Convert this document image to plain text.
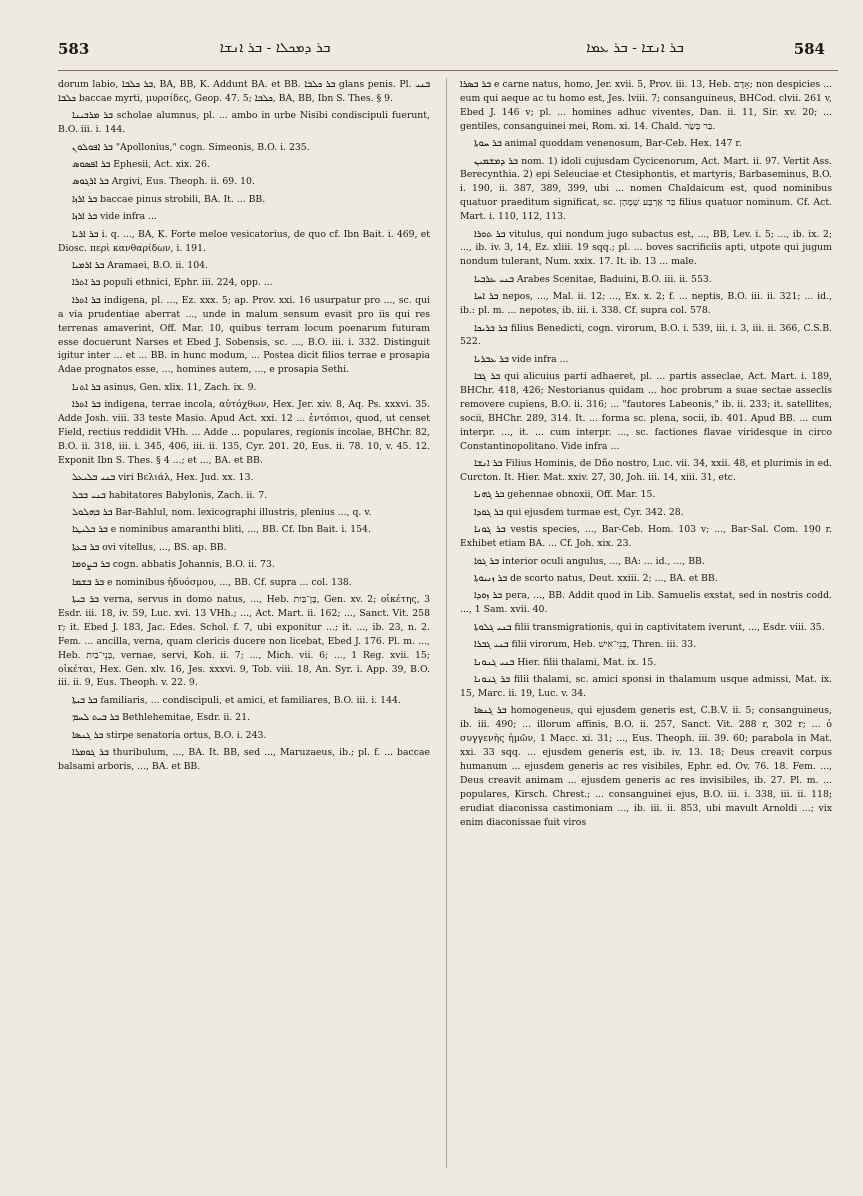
583	ܒܪ ܕܡܟܠܐ - ܒܪ ܐܢܫܐ	ܒܪ ܐܢܫܐ - ܒܪ ܥܡܐ	584

dorum labio, ܒܪ ܟܠܒܐ, BA, BB, K. Addunt BA. et BB. ܒܪ ܟܠܒܐ glans penis. Pl. ܒܢܝ ܟܠܒܐ baccae myrti, μυρσίδες, Geop. 47. 5; ܟܠܒܐ, BA, BB, Ibn S. Thes. § 9.

ܒܪ ܡܪܒܝܢܐ scholae alumnus, pl. ... ambo in urbe Nisibi condiscipuli fuerunt, B.O. iii. i. 144.

ܒܪ ܐܦܘܠܘܢ "Apollonius," cogn. Simeonis, B.O. i. 235.

ܒܪ ܐܦܣܘܣ Ephesii, Act. xix. 26.

ܒܪ ܐܪܓܘܣ Argivi, Eus. Theoph. ii. 69. 10.

ܒܪ ܐܪܙܐ baccae pinus strobili, BA. It. ... BB.

ܒܪ ܐܪܙܐ vide infra ...

ܒܪ ܐܪܝܐ i. q. ..., BA, K. Forte meloe vesicatorius, de quo cf. Ibn Bait. i. 469, et Diosc. περὶ κανθαρίδων, i. 191.

ܒܪ ܐܪܡܝܐ Aramaei, B.O. ii. 104.

ܒܪ ܐܬܪܐ populi ethnici, Ephr. iii. 224, opp. ...

ܒܪ ܐܬܪܐ indigena, pl. ..., Ez. xxx. 5; ap. Prov. xxi. 16 usurpatur pro ..., sc. qui a via prudentiae aberrat ..., unde in malum sensum evasit pro iis qui res terrenas amaverint, Off. Mar. 10, quibus terram locum poenarum futuram esse docuerunt Narses et Ebed J. Sobensis, sc. ..., B.O. iii. i. 332. Distinguit igitur inter ... et ... BB. in hunc modum, ... Postea dicit filios terrae e prosapia Adae prognatos esse, ..., homines autem, ..., e prosapia Sethi.

ܒܪ ܐܬܢܐ asinus, Gen. xlix. 11, Zach. ix. 9.

ܒܪ ܐܬܪܐ indigena, terrae incola, αὐτόχθων, Hex. Jer. xiv. 8, Aq. Ps. xxxvi. 35. Adde Josh. viii. 33 teste Masio. Apud Act. xxi. 12 ... ἐντόπιοι, quod, ut censet Field, rectius reddidit VHh. ... Adde ... populares, regionis incolae, BHChr. 82, B.O. ii. 318, iii. i. 345, 406, iii. ii. 135, Cyr. 201. 20, Eus. ii. 78. 10, v. 45. 12. Exponit Ibn S. Thes. § 4 ...; et ..., BA. et BB.

ܒܢܝ ܒܠܝܥܠ viri Βελιάλ, Hex. Jud. xx. 13.

ܒܢܝ ܒܒܠ habitatores Babylonis, Zach. ii. 7.

ܒܪ ܒܗܠܘܠ Bar-Bahlul, nom. lexicographi illustris, plenius ..., q. v.

ܒܪ ܒܠܝܛܐ e nominibus amaranthi bliti, ..., BB. Cf. Ibn Bait. i. 154.

ܒܪ ܒܥܬܐ ovi vitellus, ..., BS. ap. BB.

ܒܪ ܒܨܘܡܐ cogn. abbatis Johannis, B.O. ii. 73.

ܒܪ ܒܫܡܐ e nominibus ἡδυόσμου, ..., BB. Cf. supra ... col. 138.

ܒܪ ܒܝܬܐ verna, servus in domo natus, ..., Heb. בֶּן־בַּיִת, Gen. xv. 2; οἰκέτης, 3 Esdr. iii. 18, iv. 59, Luc. xvi. 13 VHh.; ..., Act. Mart. ii. 162; ..., Sanct. Vit. 258 r; it. Ebed J. 183, Jac. Edes. Schol. f. 7, ubi exponitur ...; it. ..., ib. 23, n. 2. Fem. ... ancilla, verna, quam clericis ducere non licebat, Ebed J. 176. Pl. m. ..., Heb. בְּנֵי־בַיִת, vernae, servi, Koh. ii. 7; ..., Mich. vii. 6; ..., 1 Reg. xvii. 15; οἰκέται, Hex. Gen. xlv. 16, Jes. xxxvi. 9, Tob. viii. 18, An. Syr. i. App. 39, B.O. iii. ii. 9, Eus. Theoph. v. 22. 9.

ܒܪ ܒܝܬܐ familiaris, ... condiscipuli, et amici, et familiares, B.O. iii. i. 144.

ܒܪ ܒܝܬ ܠܚܡ Bethlehemitae, Esdr. ii. 21.

ܒܪ ܓܢܣܐ stirpe senatoria ortus, B.O. i. 243.

ܒܪ ܓܘܡܪܐ thuribulum, ..., BA. It. BB, sed ..., Maruzaeus, ib.; pl. f. ... baccae balsami arboris, ..., BA. et BB.

ܒܪ ܒܣܪܐ e carne natus, homo, Jer. xvii. 5, Prov. iii. 13, Heb. אָדָם; non despicies ... eum qui aeque ac tu homo est, Jes. lviii. 7; consanguineus, BHCod. clvii. 261 v, Ebed J. 146 v; pl. ... homines adhuc viventes, Dan. ii. 11, Sir. xv. 20; ... gentiles, consanguinei mei, Rom. xi. 14. Chald. בַּר בְּשַׂר.

ܒܪ ܚܘܬܐ animal quoddam venenosum, Bar-Ceb. Hex. 147 r.

ܒܪ ܕܡܫܡܝܢ nom. 1) idoli cujusdam Cycicenorum, Act. Mart. ii. 97. Vertit Ass. Berecynthia. 2) epi Seleuciae et Ctesiphontis, et martyris, Barbaseminus, B.O. i. 190, ii. 387, 389, 399, ubi ... nomen Chaldaicum est, quod nominibus quatuor praeditum significat, sc. בַּר אַרְבַּע שְׁמָהָן filius quatuor nominum. Cf. Act. Mart. i. 110, 112, 113.

ܒܪ ܬܘܪܐ vitulus, qui nondum jugo subactus est, ..., BB, Lev. i. 5; ..., ib. ix. 2; ..., ib. iv. 3, 14, Ez. xliii. 19 sqq.; pl. ... boves sacrificiis apti, utpote qui jugum nondum tulerant, Num. xxix. 17. It. ib. 13 ... male.

ܒܢܝ ܥܪܒܝܐ Arabes Scenitae, Baduini, B.O. iii. ii. 553.

ܒܪ ܐܚܐ nepos, ..., Mal. ii. 12; ..., Ex. x. 2; f. ... neptis, B.O. iii. ii. 321; ... id., ib.: pl. m. ... nepotes, ib. iii. i. 338. Cf. supra col. 578.

ܒܪ ܒܪܝܟܐ filius Benedicti, cogn. virorum, B.O. i. 539, iii. i. 3, iii. ii. 366, C.S.B. 522.

ܒܪ ܥܒܪܝܐ vide infra ...

ܒܪ ܓܒܐ qui alicuius parti adhaeret, pl. ... partis asseclae, Act. Mart. i. 189, BHChr. 418, 426; Nestorianus quidam ... hoc probrum a suae sectae asseclis removere cupiens, B.O. ii. 316; ... "fautores Labeonis," ib. ii. 233; it. satellites, socii, BHChr. 289, 314. It. ... forma sc. plena, socii, ib. 401. Apud BB. ... cum interpr. ..., it. ... cum interpr. ..., sc. factiones flavae viridesque in circo Constantinopolitano. Vide infra ...

ܒܪ ܐܢܫܐ Filius Hominis, de Dño nostro, Luc. vii. 34, xxii. 48, et plurimis in ed. Curcton. It. Hier. Mat. xxiv. 27, 30, Joh. iii. 14, xiii. 31, etc.

ܒܪ ܓܗܢܐ gehennae obnoxii, Off. Mar. 15.

ܒܪ ܓܘܕܐ qui ejusdem turmae est, Cyr. 342. 28.

ܒܪ ܓܘܢܐ vestis species, ..., Bar-Ceb. Hom. 103 v; ..., Bar-Sal. Com. 190 r. Exhibet etiam BA. ... Cf. Joh. xix. 23.

ܒܪ ܓܘܐ interior oculi angulus, ..., BA: ... id., ..., BB.

ܒܪ ܙܢܝܘܬܐ de scorto natus, Deut. xxiii. 2; ..., BA. et BB.

ܒܪ ܙܘܕܐ pera, ..., BB. Addit quod in Lib. Samuelis exstat, sed in nostris codd. ..., 1 Sam. xvii. 40.

ܒܢܝ ܓܠܘܬܐ filii transmigrationis, qui in captivitatem iverunt, ..., Esdr. viii. 35.

ܒܢܝ ܓܒܪܐ filii virorum, Heb. בְּנֵי־אִישׁ, Thren. iii. 33.

ܒܢܝ ܓܢܘܢܐ Hier. filii thalami, Mat. ix. 15.

ܒܪ ܓܢܘܢܐ filii thalami, sc. amici sponsi in thalamum usque admissi, Mat. ix. 15, Marc. ii. 19, Luc. v. 34.

ܒܪ ܓܢܣܐ homogeneus, qui ejusdem generis est, C.B.V. ii. 5; consanguineus, ib. iii. 490; ... illorum affinis, B.O. ii. 257, Sanct. Vit. 288 r, 302 r; ... ὁ συγγενὴς ἡμῶν, 1 Macc. xi. 31; ..., Eus. Theoph. iii. 39. 60; parabola in Mat. xxi. 33 sqq. ... ejusdem generis est, ib. iv. 13. 18; Deus creavit corpus humanum ... ejusdem generis ac res visibiles, Ephr. ed. Ov. 76. 18. Fem. ..., Deus creavit animam ... ejusdem generis ac res invisibiles, ib. 27. Pl. m. ... populares, Kirsch. Chrest.; ... consanguinei ejus, B.O. iii. i. 338, iii. ii. 118; erudiat diaconissa castimoniam ..., ib. iii. ii. 853, ubi mavult Arnoldi ...; vix enim diaconissae fuit viros
